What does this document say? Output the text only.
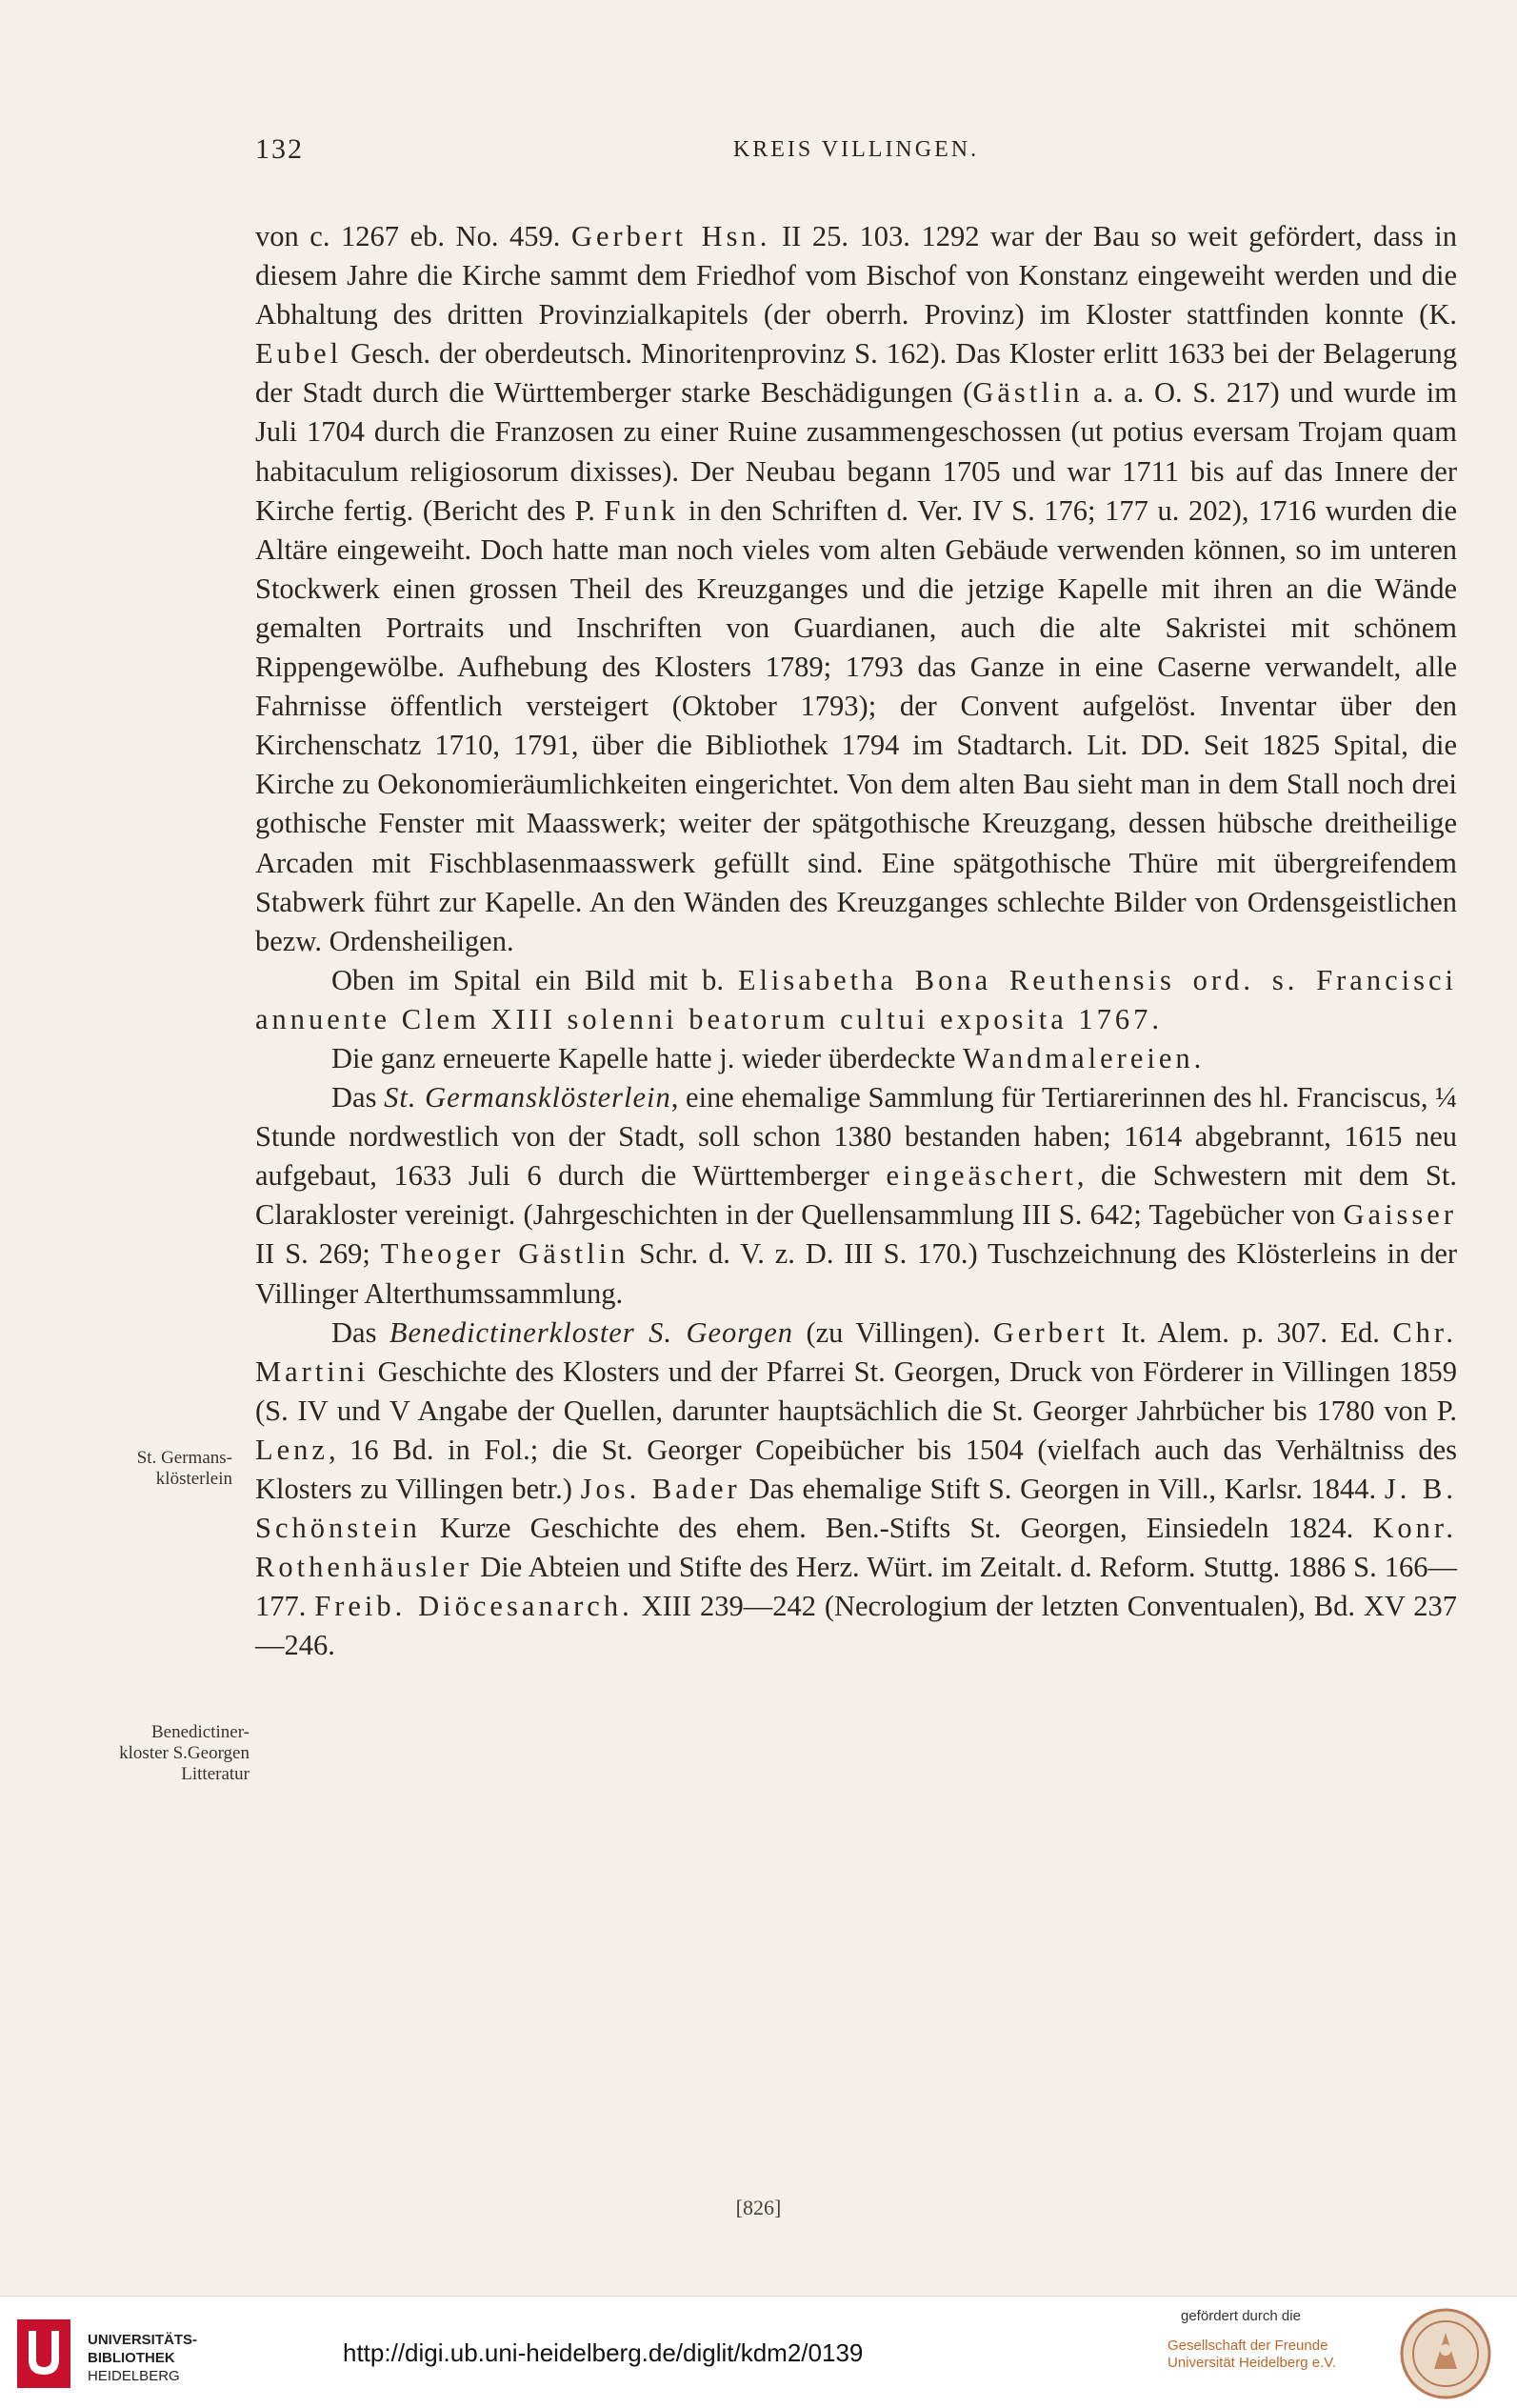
132	KREIS VILLINGEN.

von c. 1267 eb. No. 459. Gerbert Hsn. II 25. 103. 1292 war der Bau so weit gefördert, dass in diesem Jahre die Kirche sammt dem Friedhof vom Bischof von Konstanz eingeweiht werden und die Abhaltung des dritten Provinzialkapitels (der oberrh. Provinz) im Kloster stattfinden konnte (K. Eubel Gesch. der oberdeutsch. Minoritenprovinz S. 162). Das Kloster erlitt 1633 bei der Belagerung der Stadt durch die Württemberger starke Beschädigungen (Gästlin a. a. O. S. 217) und wurde im Juli 1704 durch die Franzosen zu einer Ruine zusammengeschossen (ut potius eversam Trojam quam habitaculum religiosorum dixisses). Der Neubau begann 1705 und war 1711 bis auf das Innere der Kirche fertig. (Bericht des P. Funk in den Schriften d. Ver. IV S. 176; 177 u. 202), 1716 wurden die Altäre eingeweiht. Doch hatte man noch vieles vom alten Gebäude verwenden können, so im unteren Stockwerk einen grossen Theil des Kreuzganges und die jetzige Kapelle mit ihren an die Wände gemalten Portraits und Inschriften von Guardianen, auch die alte Sakristei mit schönem Rippengewölbe. Aufhebung des Klosters 1789; 1793 das Ganze in eine Caserne verwandelt, alle Fahrnisse öffentlich versteigert (Oktober 1793); der Convent aufgelöst. Inventar über den Kirchenschatz 1710, 1791, über die Bibliothek 1794 im Stadtarch. Lit. DD. Seit 1825 Spital, die Kirche zu Oekonomieräumlichkeiten eingerichtet. Von dem alten Bau sieht man in dem Stall noch drei gothische Fenster mit Maasswerk; weiter der spätgothische Kreuzgang, dessen hübsche dreitheilige Arcaden mit Fischblasenmaasswerk gefüllt sind. Eine spätgothische Thüre mit übergreifendem Stabwerk führt zur Kapelle. An den Wänden des Kreuzganges schlechte Bilder von Ordensgeistlichen bezw. Ordensheiligen.

Oben im Spital ein Bild mit b. Elisabetha Bona Reuthensis ord. s. Francisci annuente Clem XIII solenni beatorum cultui exposita 1767.

Die ganz erneuerte Kapelle hatte j. wieder überdeckte Wandmalereien.

Das St. Germansklösterlein, eine ehemalige Sammlung für Tertiarerinnen des hl. Franciscus, ¼ Stunde nordwestlich von der Stadt, soll schon 1380 bestanden haben; 1614 abgebrannt, 1615 neu aufgebaut, 1633 Juli 6 durch die Württemberger eingeäschert, die Schwestern mit dem St. Clarakloster vereinigt. (Jahrgeschichten in der Quellensammlung III S. 642; Tagebücher von Gaisser II S. 269; Theoger Gästlin Schr. d. V. z. D. III S. 170.) Tuschzeichnung des Klösterleins in der Villinger Alterthumssammlung.

Das Benedictinerkloster S. Georgen (zu Villingen). Gerbert It. Alem. p. 307. Ed. Chr. Martini Geschichte des Klosters und der Pfarrei St. Georgen, Druck von Förderer in Villingen 1859 (S. IV und V Angabe der Quellen, darunter hauptsächlich die St. Georger Jahrbücher bis 1780 von P. Lenz, 16 Bd. in Fol.; die St. Georger Copeibücher bis 1504 (vielfach auch das Verhältniss des Klosters zu Villingen betr.) Jos. Bader Das ehemalige Stift S. Georgen in Vill., Karlsr. 1844. J. B. Schönstein Kurze Geschichte des ehem. Ben.-Stifts St. Georgen, Einsiedeln 1824. Konr. Rothenhäusler Die Abteien und Stifte des Herz. Würt. im Zeitalt. d. Reform. Stuttg. 1886 S. 166—177. Freib. Diöcesanarch. XIII 239—242 (Necrologium der letzten Conventualen), Bd. XV 237—246.

St. Germans-
klösterlein
Benedictiner-
kloster S.Georgen
Litteratur
[826]
UNIVERSITÄTS-
BIBLIOTHEK
HEIDELBERG
http://digi.ub.uni-heidelberg.de/diglit/kdm2/0139
gefördert durch die
Gesellschaft der Freunde
Universität Heidelberg e.V.
